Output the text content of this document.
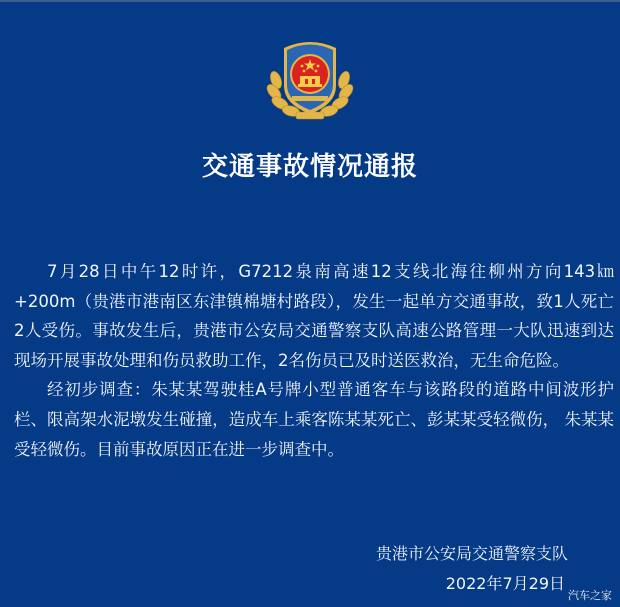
交通事故情况通报

7月28日中午12时许，G7212泉南高速12支线北海往柳州方向143㎞+200m（贵港市港南区东津镇棉塘村路段），发生一起单方交通事故，致1人死亡2人受伤。事故发生后，贵港市公安局交通警察支队高速公路管理一大队迅速到达现场开展事故处理和伤员救助工作，2名伤员已及时送医救治，无生命危险。

经初步调查：朱某某驾驶桂A号牌小型普通客车与该路段的道路中间波形护栏、限高架水泥墩发生碰撞，造成车上乘客陈某某死亡、彭某某受轻微伤， 朱某某受轻微伤。目前事故原因正在进一步调查中。

贵港市公安局交通警察支队
2022年7月29日
汽车之家
